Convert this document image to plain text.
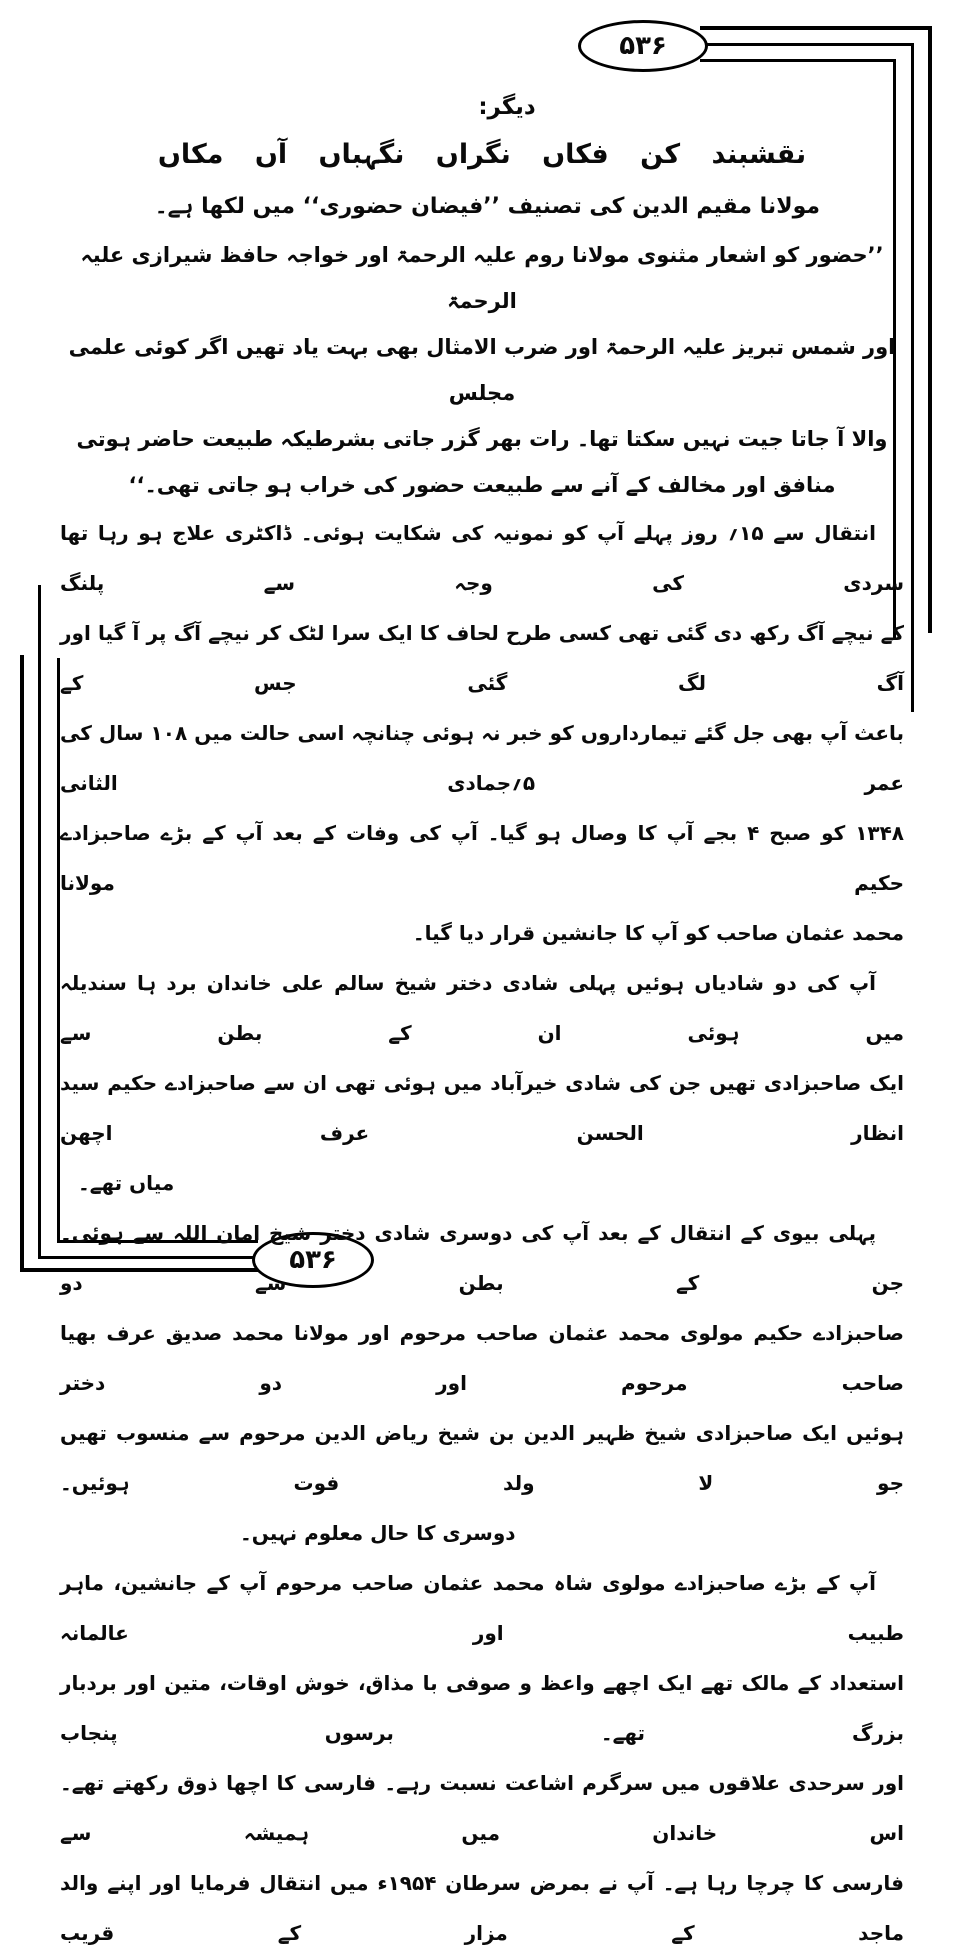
۵۳۶
۵۳۶
دیگر:
نقشبند کن فکاں نگراں نگہباں آں مکاں
مولانا مقیم الدین کی تصنیف ’’فیضان حضوری‘‘ میں لکھا ہے۔
’’حضور کو اشعار مثنوی مولانا روم علیہ الرحمۃ اور خواجہ حافظ شیرازی علیہ الرحمۃ
اور شمس تبریز علیہ الرحمۃ اور ضرب الامثال بھی بہت یاد تھیں اگر کوئی علمی مجلس
والا آ جاتا جیت نہیں سکتا تھا۔ رات بھر گزر جاتی بشرطیکہ طبیعت حاضر ہوتی
منافق اور مخالف کے آنے سے طبیعت حضور کی خراب ہو جاتی تھی۔‘‘
انتقال سے ۱۵؍ روز پہلے آپ کو نمونیہ کی شکایت ہوئی۔ ڈاکٹری علاج ہو رہا تھا سردی کی وجہ سے پلنگ
کے نیچے آگ رکھ دی گئی تھی کسی طرح لحاف کا ایک سرا لٹک کر نیچے آگ پر آ گیا اور آگ لگ گئی جس کے
باعث آپ بھی جل گئے تیمارداروں کو خبر نہ ہوئی چنانچہ اسی حالت میں ۱۰۸ سال کی عمر ۵؍جمادی الثانی
۱۳۴۸ کو صبح ۴ بجے آپ کا وصال ہو گیا۔ آپ کی وفات کے بعد آپ کے بڑے صاحبزادے حکیم مولانا
محمد عثمان صاحب کو آپ کا جانشین قرار دیا گیا۔
آپ کی دو شادیاں ہوئیں پہلی شادی دختر شیخ سالم علی خاندان برد ہا سندیلہ میں ہوئی ان کے بطن سے
ایک صاحبزادی تھیں جن کی شادی خیرآباد میں ہوئی تھی ان سے صاحبزادے حکیم سید انظار الحسن عرف اچھن
میاں تھے۔
پہلی بیوی کے انتقال کے بعد آپ کی دوسری شادی دختر شیخ امان اللہ سے ہوئی۔ جن کے بطن سے دو
صاحبزادے حکیم مولوی محمد عثمان صاحب مرحوم اور مولانا محمد صدیق عرف بھیا صاحب مرحوم اور دو دختر
ہوئیں ایک صاحبزادی شیخ ظہیر الدین بن شیخ ریاض الدین مرحوم سے منسوب تھیں جو لا ولد فوت ہوئیں۔
دوسری کا حال معلوم نہیں۔
آپ کے بڑے صاحبزادے مولوی شاہ محمد عثمان صاحب مرحوم آپ کے جانشین، ماہر طبیب اور عالمانہ
استعداد کے مالک تھے ایک اچھے واعظ و صوفی با مذاق، خوش اوقات، متین اور بردبار بزرگ تھے۔ برسوں پنجاب
اور سرحدی علاقوں میں سرگرم اشاعت نسبت رہے۔ فارسی کا اچھا ذوق رکھتے تھے۔ اس خاندان میں ہمیشہ سے
فارسی کا چرچا رہا ہے۔ آپ نے بمرض سرطان ۱۹۵۴ء میں انتقال فرمایا اور اپنے والد ماجد کے مزار کے قریب
